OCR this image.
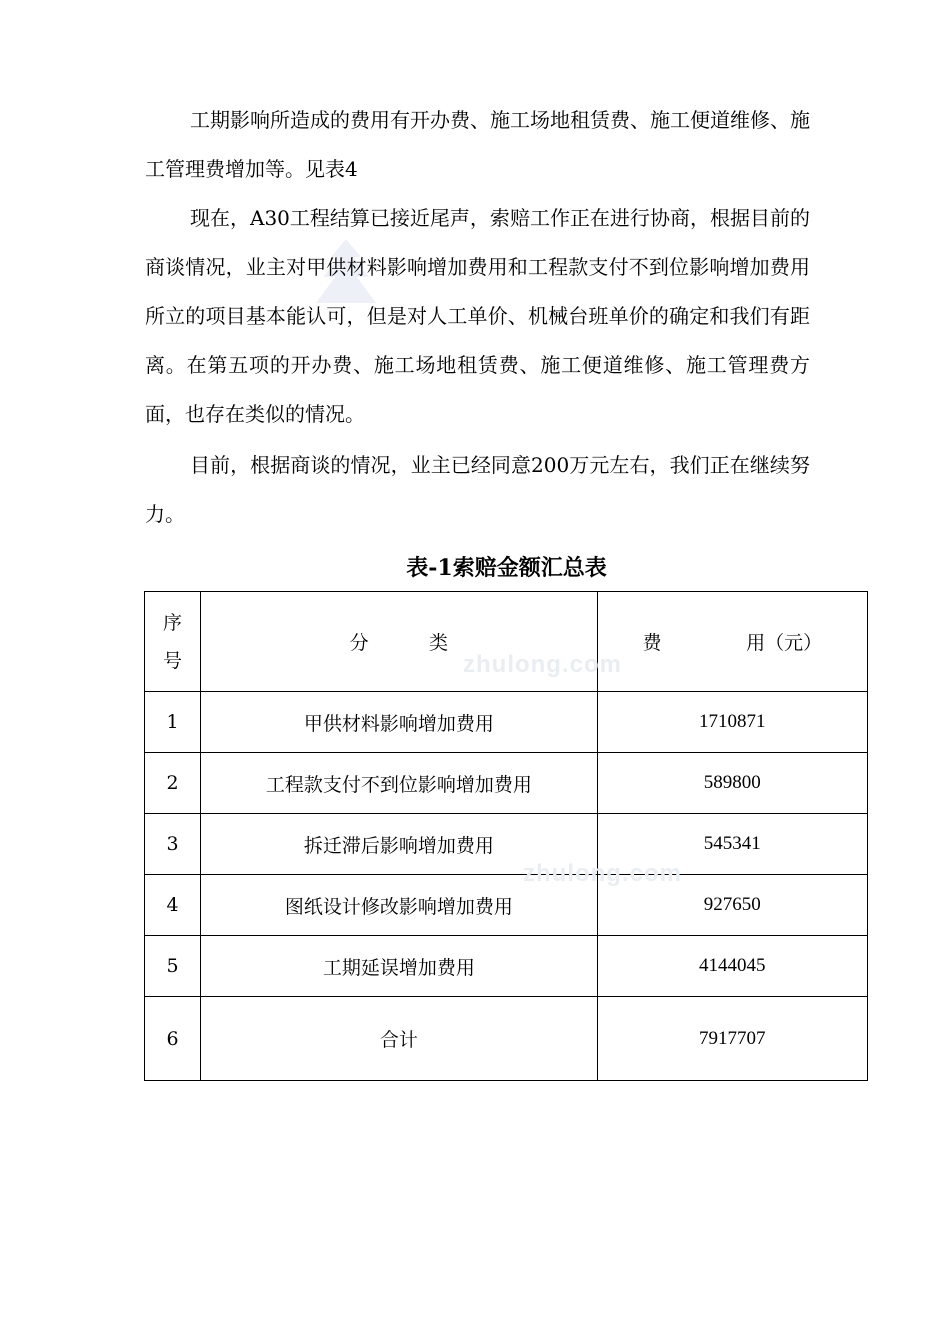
工期影响所造成的费用有开办费、施工场地租赁费、施工便道维修、施工管理费增加等。见表4

现在，A30工程结算已接近尾声，索赔工作正在进行协商，根据目前的商谈情况，业主对甲供材料影响增加费用和工程款支付不到位影响增加费用所立的项目基本能认可，但是对人工单价、机械台班单价的确定和我们有距离。在第五项的开办费、施工场地租赁费、施工便道维修、施工管理费方面，也存在类似的情况。

目前，根据商谈的情况，业主已经同意200万元左右，我们正在继续努力。

表-1索赔金额汇总表
序号	分          类	费              用（元）
1	甲供材料影响增加费用	1710871
2	工程款支付不到位影响增加费用	589800
3	拆迁滞后影响增加费用	545341
4	图纸设计修改影响增加费用	927650
5	工期延误增加费用	4144045
6	合计	7917707
zhulong.com
zhulong.com
